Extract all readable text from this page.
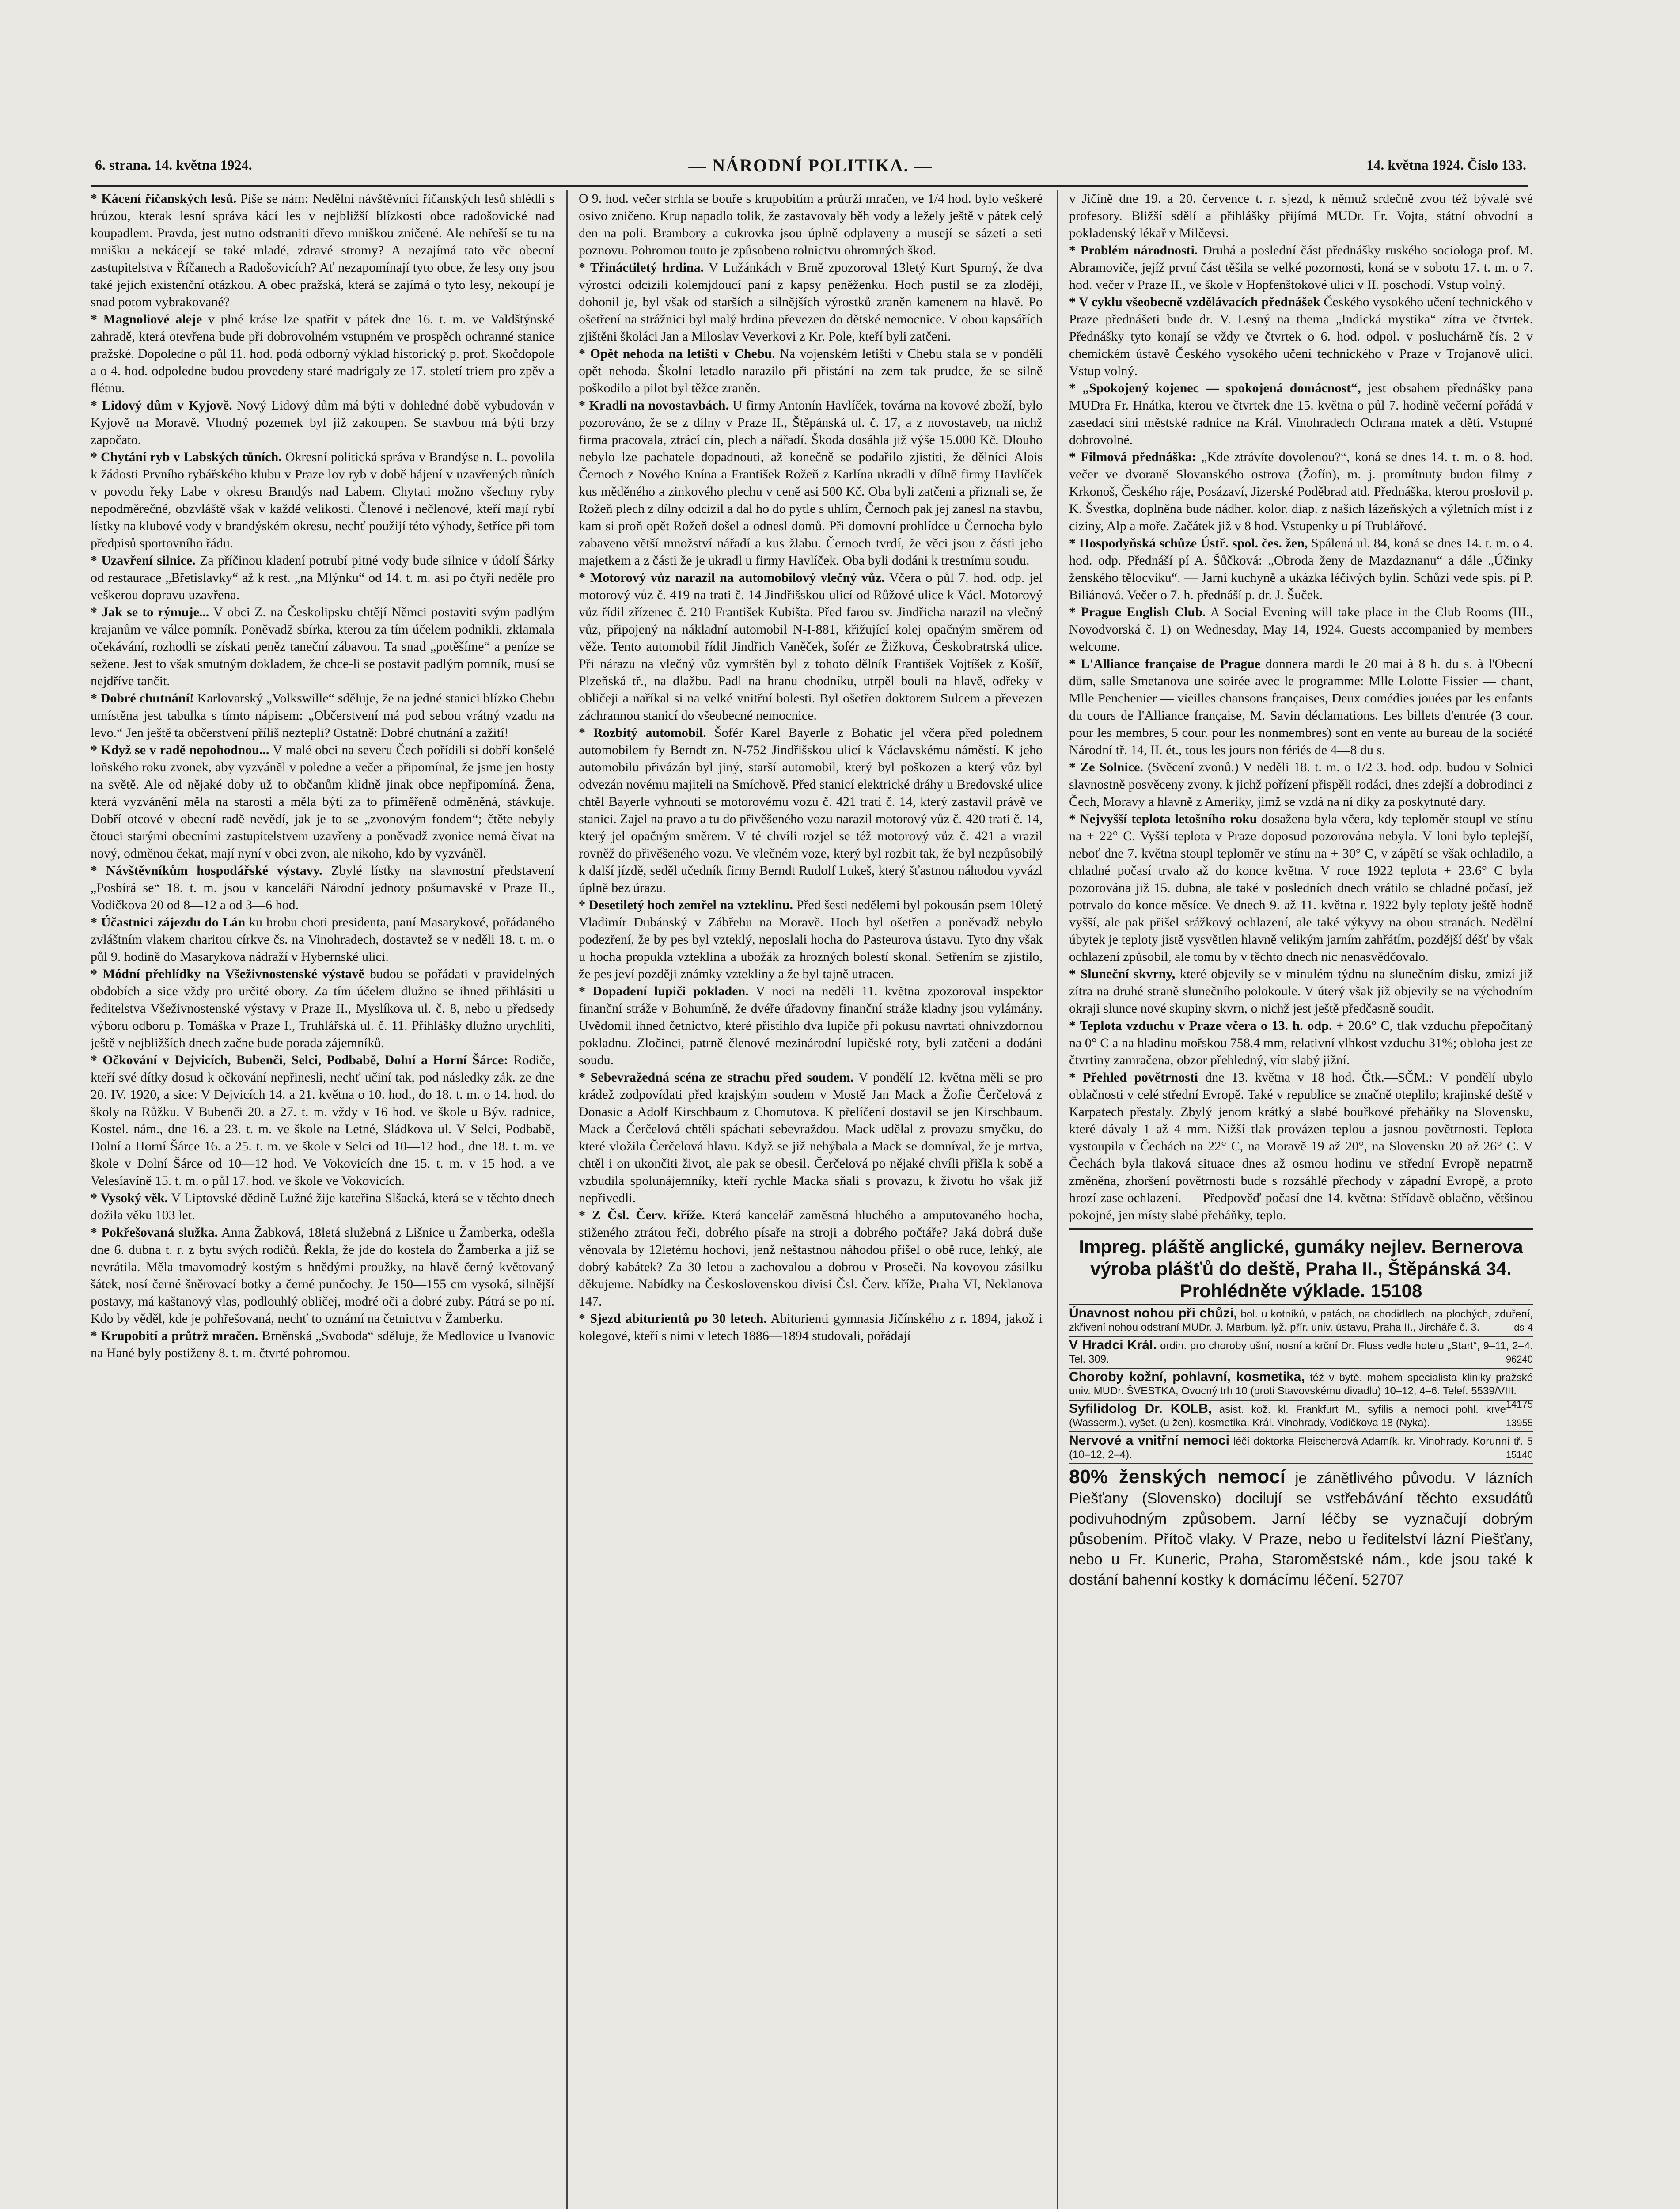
6. strana. 14. května 1924.	— NÁRODNÍ POLITIKA. —	14. května 1924. Číslo 133.

* Kácení říčanských lesů. Píše se nám: Nedělní návštěvníci říčanských lesů shlédli s hrůzou, kterak lesní správa kácí les v nejbližší blízkosti obce radošovické nad koupadlem. Pravda, jest nutno odstraniti dřevo mniškou zničené. Ale nehřeší se tu na mnišku a nekácejí se také mladé, zdravé stromy? A nezajímá tato věc obecní zastupitelstva v Říčanech a Radošovicích? Ať nezapomínají tyto obce, že lesy ony jsou také jejich existenční otázkou. A obec pražská, která se zajímá o tyto lesy, nekoupí je snad potom vybrakované?

* Magnoliové aleje v plné kráse lze spatřit v pátek dne 16. t. m. ve Valdštýnské zahradě, která otevřena bude při dobrovolném vstupném ve prospěch ochranné stanice pražské. Dopoledne o půl 11. hod. podá odborný výklad historický p. prof. Skočdopole a o 4. hod. odpoledne budou provedeny staré madrigaly ze 17. století triem pro zpěv a flétnu.

* Lidový dům v Kyjově. Nový Lidový dům má býti v dohledné době vybudován v Kyjově na Moravě. Vhodný pozemek byl již zakoupen. Se stavbou má býti brzy započato.

* Chytání ryb v Labských tůních. Okresní politická správa v Brandýse n. L. povolila k žádosti Prvního rybářského klubu v Praze lov ryb v době hájení v uzavřených tůních v povodu řeky Labe v okresu Brandýs nad Labem. Chytati možno všechny ryby nepodměrečné, obzvláště však v každé velikosti. Členové i nečlenové, kteří mají rybí lístky na klubové vody v brandýském okresu, nechť použijí této výhody, šetříce při tom předpisů sportovního řádu.

* Uzavření silnice. Za příčinou kladení potrubí pitné vody bude silnice v údolí Šárky od restaurace „Břetislavky“ až k rest. „na Mlýnku“ od 14. t. m. asi po čtyři neděle pro veškerou dopravu uzavřena.

* Jak se to rýmuje... V obci Z. na Českolipsku chtějí Němci postaviti svým padlým krajanům ve válce pomník. Poněvadž sbírka, kterou za tím účelem podnikli, zklamala očekávání, rozhodli se získati peněz taneční zábavou. Ta snad „potěšíme“ a peníze se sežene. Jest to však smutným dokladem, že chce-li se postavit padlým pomník, musí se nejdříve tančit.

* Dobré chutnání! Karlovarský „Volkswille“ sděluje, že na jedné stanici blízko Chebu umístěna jest tabulka s tímto nápisem: „Občerstvení má pod sebou vrátný vzadu na levo.“ Jen ještě ta občerstvení příliš neztepli? Ostatně: Dobré chutnání a zažití!

* Když se v radě nepohodnou... V malé obci na severu Čech pořídili si dobří konšelé loňského roku zvonek, aby vyzváněl v poledne a večer a připomínal, že jsme jen hosty na světě. Ale od nějaké doby už to občanům klidně jinak obce nepřipomíná. Žena, která vyzvánění měla na starosti a měla býti za to přiměřeně odměněná, stávkuje. Dobří otcové v obecní radě nevědí, jak je to se „zvonovým fondem“; čtěte nebyly čtouci starými obecními zastupitelstvem uzavřeny a poněvadž zvonice nemá čivat na nový, odměnou čekat, mají nyní v obci zvon, ale nikoho, kdo by vyzváněl.

* Návštěvníkům hospodářské výstavy. Zbylé lístky na slavnostní představení „Posbírá se“ 18. t. m. jsou v kanceláři Národní jednoty pošumavské v Praze II., Vodičkova 20 od 8—12 a od 3—6 hod.

* Účastnici zájezdu do Lán ku hrobu choti presidenta, paní Masarykové, pořádaného zvláštním vlakem charitou církve čs. na Vinohradech, dostavtež se v neděli 18. t. m. o půl 9. hodině do Masarykova nádraží v Hybernské ulici.

* Módní přehlídky na Všeživnostenské výstavě budou se pořádati v pravidelných obdobích a sice vždy pro určité obory. Za tím účelem dlužno se ihned přihlásiti u ředitelstva Všeživnostenské výstavy v Praze II., Myslíkova ul. č. 8, nebo u předsedy výboru odboru p. Tomáška v Praze I., Truhlářská ul. č. 11. Přihlášky dlužno urychliti, ještě v nejbližších dnech začne bude porada zájemníků.

* Očkování v Dejvicích, Bubenči, Selci, Podbabě, Dolní a Horní Šárce: Rodiče, kteří své dítky dosud k očkování nepřinesli, nechť učiní tak, pod následky zák. ze dne 20. IV. 1920, a sice: V Dejvicích 14. a 21. května o 10. hod., do 18. t. m. o 14. hod. do školy na Růžku. V Bubenči 20. a 27. t. m. vždy v 16 hod. ve škole u Býv. radnice, Kostel. nám., dne 16. a 23. t. m. ve škole na Letné, Sládkova ul. V Selci, Podbabě, Dolní a Horní Šárce 16. a 25. t. m. ve škole v Selci od 10—12 hod., dne 18. t. m. ve škole v Dolní Šárce od 10—12 hod. Ve Vokovicích dne 15. t. m. v 15 hod. a ve Velesíavíně 15. t. m. o půl 17. hod. ve škole ve Vokovicích.

* Vysoký věk. V Liptovské dědině Lužné žije kateřina Slšacká, která se v těchto dnech dožila věku 103 let.

* Pokřešovaná služka. Anna Žabková, 18letá služebná z Lišnice u Žamberka, odešla dne 6. dubna t. r. z bytu svých rodičů. Řekla, že jde do kostela do Žamberka a již se nevrátila. Měla tmavomodrý kostým s hnědými proužky, na hlavě černý květovaný šátek, nosí černé šněrovací botky a černé punčochy. Je 150—155 cm vysoká, silnější postavy, má kaštanový vlas, podlouhlý obličej, modré oči a dobré zuby. Pátrá se po ní. Kdo by věděl, kde je pohřešovaná, nechť to oznámí na četnictvu v Žamberku.

* Krupobití a průtrž mračen. Brněnská „Svoboda“ sděluje, že Medlovice u Ivanovic na Hané byly postiženy 8. t. m. čtvrté pohromou.

O 9. hod. večer strhla se bouře s krupobitím a průtrží mračen, ve 1/4 hod. bylo veškeré osivo zničeno. Krup napadlo tolik, že zastavovaly běh vody a ležely ještě v pátek celý den na poli. Brambory a cukrovka jsou úplně odplaveny a musejí se sázeti a seti poznovu. Pohromou touto je způsobeno rolnictvu ohromných škod.

* Třináctiletý hrdina. V Lužánkách v Brně zpozoroval 13letý Kurt Spurný, že dva výrostci odcizili kolemjdoucí paní z kapsy peněženku. Hoch pustil se za zloději, dohonil je, byl však od starších a silnějších výrostků zraněn kamenem na hlavě. Po ošetření na strážnici byl malý hrdina převezen do dětské nemocnice. V obou kapsářích zjištěni školáci Jan a Miloslav Veverkovi z Kr. Pole, kteří byli zatčeni.

* Opět nehoda na letišti v Chebu. Na vojenském letišti v Chebu stala se v pondělí opět nehoda. Školní letadlo narazilo při přistání na zem tak prudce, že se silně poškodilo a pilot byl těžce zraněn.

* Kradli na novostavbách. U firmy Antonín Havlíček, továrna na kovové zboží, bylo pozorováno, že se z dílny v Praze II., Štěpánská ul. č. 17, a z novostaveb, na nichž firma pracovala, ztrácí cín, plech a nářadí. Škoda dosáhla již výše 15.000 Kč. Dlouho nebylo lze pachatele dopadnouti, až konečně se podařilo zjistiti, že dělníci Alois Černoch z Nového Knína a František Rožeň z Karlína ukradli v dílně firmy Havlíček kus měděného a zinkového plechu v ceně asi 500 Kč. Oba byli zatčeni a přiznali se, že Rožeň plech z dílny odcizil a dal ho do pytle s uhlím, Černoch pak jej zanesl na stavbu, kam si proň opět Rožeň došel a odnesl domů. Při domovní prohlídce u Černocha bylo zabaveno větší množství nářadí a kus žlabu. Černoch tvrdí, že věci jsou z části jeho majetkem a z části že je ukradl u firmy Havlíček. Oba byli dodáni k trestnímu soudu.

* Motorový vůz narazil na automobilový vlečný vůz. Včera o půl 7. hod. odp. jel motorový vůz č. 419 na trati č. 14 Jindřišskou ulicí od Růžové ulice k Václ. Motorový vůz řídil zřízenec č. 210 František Kubišta. Před farou sv. Jindřicha narazil na vlečný vůz, připojený na nákladní automobil N-I-881, křižující kolej opačným směrem od věže. Tento automobil řídil Jindřich Vaněček, šofér ze Žižkova, Českobratrská ulice. Při nárazu na vlečný vůz vymrštěn byl z tohoto dělník František Vojtíšek z Košíř, Plzeňská tř., na dlažbu. Padl na hranu chodníku, utrpěl bouli na hlavě, odřeky v obličeji a naříkal si na velké vnitřní bolesti. Byl ošetřen doktorem Sulcem a převezen záchrannou stanicí do všeobecné nemocnice.

* Rozbitý automobil. Šofér Karel Bayerle z Bohatic jel včera před polednem automobilem fy Berndt zn. N-752 Jindřišskou ulicí k Václavskému náměstí. K jeho automobilu přivázán byl jiný, starší automobil, který byl poškozen a který vůz byl odvezán novému majiteli na Smíchově. Před stanicí elektrické dráhy u Bredovské ulice chtěl Bayerle vyhnouti se motorovému vozu č. 421 trati č. 14, který zastavil právě ve stanici. Zajel na pravo a tu do přivěšeného vozu narazil motorový vůz č. 420 trati č. 14, který jel opačným směrem. V té chvíli rozjel se též motorový vůz č. 421 a vrazil rovněž do přivěšeného vozu. Ve vlečném voze, který byl rozbit tak, že byl nezpůsobilý k další jízdě, seděl učedník firmy Berndt Rudolf Lukeš, který šťastnou náhodou vyvázl úplně bez úrazu.

* Desetiletý hoch zemřel na vzteklinu. Před šesti nedělemi byl pokousán psem 10letý Vladimír Dubánský v Zábřehu na Moravě. Hoch byl ošetřen a poněvadž nebylo podezření, že by pes byl vzteklý, neposlali hocha do Pasteurova ústavu. Tyto dny však u hocha propukla vzteklina a ubožák za hrozných bolestí skonal. Setřením se zjistilo, že pes jeví později známky vztekliny a že byl tajně utracen.

* Dopadení lupiči pokladen. V noci na neděli 11. května zpozoroval inspektor finanční stráže v Bohumíně, že dvéře úřadovny finanční stráže kladny jsou vylámány. Uvědomil ihned četnictvo, které přistihlo dva lupiče při pokusu navrtati ohnivzdornou pokladnu. Zločinci, patrně členové mezinárodní lupičské roty, byli zatčeni a dodáni soudu.

* Sebevražedná scéna ze strachu před soudem. V pondělí 12. května měli se pro krádež zodpovídati před krajským soudem v Mostě Jan Mack a Žofie Čerčelová z Donasic a Adolf Kirschbaum z Chomutova. K přelíčení dostavil se jen Kirschbaum. Mack a Čerčelová chtěli spáchati sebevraždou. Mack udělal z provazu smyčku, do které vložila Čerčelová hlavu. Když se již nehýbala a Mack se domníval, že je mrtva, chtěl i on ukončiti život, ale pak se obesil. Čerčelová po nějaké chvíli přišla k sobě a vzbudila spolunájemníky, kteří rychle Macka sňali s provazu, k životu ho však již nepřivedli.

* Z Čsl. Červ. kříže. Která kancelář zaměstná hluchého a amputovaného hocha, stiženého ztrátou řeči, dobrého písaře na stroji a dobrého počtáře? Jaká dobrá duše věnovala by 12letému hochovi, jenž neštastnou náhodou přišel o obě ruce, lehký, ale dobrý kabátek? Za 30 letou a zachovalou a dobrou v Proseči. Na kovovou zásilku děkujeme. Nabídky na Československou divisi Čsl. Červ. kříže, Praha VI, Neklanova 147.

* Sjezd abiturientů po 30 letech. Abiturienti gymnasia Jičínského z r. 1894, jakož i kolegové, kteří s nimi v letech 1886—1894 studovali, pořádají

v Jičíně dne 19. a 20. července t. r. sjezd, k němuž srdečně zvou též bývalé své profesory. Bližší sdělí a přihlášky přijímá MUDr. Fr. Vojta, státní obvodní a pokladenský lékař v Milčevsi.

* Problém národnosti. Druhá a poslední část přednášky ruského sociologa prof. M. Abramoviče, jejíž první část těšila se velké pozornosti, koná se v sobotu 17. t. m. o 7. hod. večer v Praze II., ve škole v Hopfenštokové ulici v II. poschodí. Vstup volný.

* V cyklu všeobecně vzdělávacích přednášek Českého vysokého učení technického v Praze přednášeti bude dr. V. Lesný na thema „Indická mystika“ zítra ve čtvrtek. Přednášky tyto konají se vždy ve čtvrtek o 6. hod. odpol. v posluchárně čís. 2 v chemickém ústavě Českého vysokého učení technického v Praze v Trojanově ulici. Vstup volný.

* „Spokojený kojenec — spokojená domácnost“, jest obsahem přednášky pana MUDra Fr. Hnátka, kterou ve čtvrtek dne 15. května o půl 7. hodině večerní pořádá v zasedací síni městské radnice na Král. Vinohradech Ochrana matek a dětí. Vstupné dobrovolné.

* Filmová přednáška: „Kde ztrávíte dovolenou?“, koná se dnes 14. t. m. o 8. hod. večer ve dvoraně Slovanského ostrova (Žofín), m. j. promítnuty budou filmy z Krkonoš, Českého ráje, Posázaví, Jizerské Poděbrad atd. Přednáška, kterou proslovil p. K. Švestka, doplněna bude nádher. kolor. diap. z našich lázeňských a výletních míst i z ciziny, Alp a moře. Začátek již v 8 hod. Vstupenky u pí Trublářové.

* Hospodyňská schůze Ústř. spol. čes. žen, Spálená ul. 84, koná se dnes 14. t. m. o 4. hod. odp. Přednáší pí A. Šůčková: „Obroda ženy de Mazdaznanu“ a dále „Účinky ženského tělocviku“. — Jarní kuchyně a ukázka léčivých bylin. Schůzi vede spis. pí P. Biliánová. Večer o 7. h. přednáší p. dr. J. Šuček.

* Prague English Club. A Social Evening will take place in the Club Rooms (III., Novodvorská č. 1) on Wednesday, May 14, 1924. Guests accompanied by members welcome.

* L'Alliance française de Prague donnera mardi le 20 mai à 8 h. du s. à l'Obecní dům, salle Smetanova une soirée avec le programme: Mlle Lolotte Fissier — chant, Mlle Penchenier — vieilles chansons françaises, Deux comédies jouées par les enfants du cours de l'Alliance française, M. Savin déclamations. Les billets d'entrée (3 cour. pour les membres, 5 cour. pour les nonmembres) sont en vente au bureau de la société Národní tř. 14, II. ét., tous les jours non fériés de 4—8 du s.

* Ze Solnice. (Svěcení zvonů.) V neděli 18. t. m. o 1/2 3. hod. odp. budou v Solnici slavnostně posvěceny zvony, k jichž pořízení přispěli rodáci, dnes zdejší a dobrodinci z Čech, Moravy a hlavně z Ameriky, jimž se vzdá na ní díky za poskytnuté dary.

* Nejvyšší teplota letošního roku dosažena byla včera, kdy teploměr stoupl ve stínu na + 22° C. Vyšší teplota v Praze doposud pozorována nebyla. V loni bylo teplejší, neboť dne 7. května stoupl teploměr ve stínu na + 30° C, v zápětí se však ochladilo, a chladné počasí trvalo až do konce května. V roce 1922 teplota + 23.6° C byla pozorována již 15. dubna, ale také v posledních dnech vrátilo se chladné počasí, jež potrvalo do konce měsíce. Ve dnech 9. až 11. května r. 1922 byly teploty ještě hodně vyšší, ale pak přišel srážkový ochlazení, ale také výkyvy na obou stranách. Nedělní úbytek je teploty jistě vysvětlen hlavně velikým jarním zahřátím, pozdější déšť by však ochlazení způsobil, ale tomu by v těchto dnech nic nenasvědčovalo.

* Sluneční skvrny, které objevily se v minulém týdnu na slunečním disku, zmizí již zítra na druhé straně slunečního polokoule. V úterý však již objevily se na východním okraji slunce nové skupiny skvrn, o nichž jest ještě předčasně soudit.

* Teplota vzduchu v Praze včera o 13. h. odp. + 20.6° C, tlak vzduchu přepočítaný na 0° C a na hladinu mořskou 758.4 mm, relativní vlhkost vzduchu 31%; obloha jest ze čtvrtiny zamračena, obzor přehledný, vítr slabý jižní.

* Přehled povětrnosti dne 13. května v 18 hod. Čtk.—SČM.: V pondělí ubylo oblačnosti v celé střední Evropě. Také v republice se značně oteplilo; krajinské deště v Karpatech přestaly. Zbylý jenom krátký a slabé bouřkové přeháňky na Slovensku, které dávaly 1 až 4 mm. Nižší tlak provázen teplou a jasnou povětrnosti. Teplota vystoupila v Čechách na 22° C, na Moravě 19 až 20°, na Slovensku 20 až 26° C. V Čechách byla tlaková situace dnes až osmou hodinu ve střední Evropě nepatrně změněna, zhoršení povětrnosti bude s rozsáhlé přechody v západní Evropě, a proto hrozí zase ochlazení. — Předpověď počasí dne 14. května: Střídavě oblačno, většinou pokojné, jen místy slabé přeháňky, teplo.

Impreg. pláště anglické, gumáky nejlev. Bernerova výroba plášťů do deště, Praha II., Štěpánská 34. Prohlédněte výklade. 15108
Únavnost nohou při chůzi, bol. u kotníků, v patách, na chodidlech, na plochých, zduření, zkřivení nohou odstraní MUDr. J. Marbum, lyž. přír. univ. ústavu, Praha II., Jircháře č. 3.	ds-4
V Hradci Král. ordin. pro choroby ušní, nosní a krční Dr. Fluss vedle hotelu „Start“, 9–11, 2–4. Tel. 309.	96240
Choroby kožní, pohlavní, kosmetika, též v bytě, mohem specialista kliniky pražské univ. MUDr. ŠVESTKA, Ovocný trh 10 (proti Stavovskému divadlu) 10–12, 4–6. Telef. 5539/VIII.
14175
Syfilidolog Dr. KOLB, asist. kož. kl. Frankfurt M., syfilis a nemoci pohl. krve (Wasserm.), vyšet. (u žen), kosmetika. Král. Vinohrady, Vodičkova 18 (Nyka).	13955
Nervové a vnitřní nemoci léčí doktorka Fleischerová Adamík. kr. Vinohrady. Korunní tř. 5 (10–12, 2–4).	15140
80% ženských nemocí je zánětlivého původu. V lázních Piešťany (Slovensko) docilují se vstřebávání těchto exsudátů podivuhodným způsobem. Jarní léčby se vyznačují dobrým působením. Přítoč vlaky. V Praze, nebo u ředitelství lázní Piešťany, nebo u Fr. Kuneric, Praha, Staroměstské nám., kde jsou také k dostání bahenní kostky k domácímu léčení. 52707
